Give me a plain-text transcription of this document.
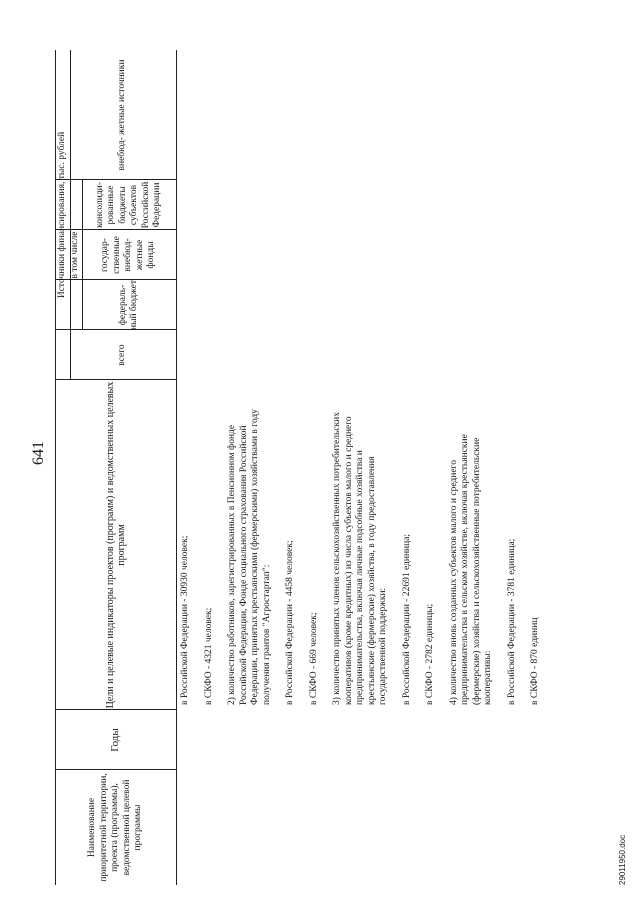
641
Наименование приоритетной территории, проекта (программы), ведомственной целевой программы
Годы
Цели и целевые индикаторы проектов (программ) и ведомственных целевых программ
Источники финансирования, тыс. рублей
всего
в том числе
федераль- ный бюджет
государ- ственные внебюд- жетные фонды
консолиди- рованные бюджеты субъектов Российской Федерации
внебюд- жетные источники

в Российской Федерации - 30930 человек; в СКФО - 4321 человек; 2) количество работников, зарегистрированных в Пенсионном фонде Российской Федерации, Фонде социального страхования Российской Федерации, принятых крестьянскими (фермерскими) хозяйствами в году получения грантов "Агростартап": в Российской Федерации - 4458 человек; в СКФО - 669 человек; 3) количество принятых членов сельскохозяйственных потребительских кооперативов (кроме кредитных) из числа субъектов малого и среднего предпринимательства, включая личные подсобные хозяйства и крестьянские (фермерские) хозяйства, в году предоставления государственной поддержки: в Российской Федерации - 22691 единица; в СКФО - 2782 единицы; 4) количество вновь созданных субъектов малого и среднего предпринимательства в сельском хозяйстве, включая крестьянские (фермерские) хозяйства и сельскохозяйственные потребительские кооперативы: в Российской Федерации - 3781 единица; в СКФО - 870 единиц

29011950.doc
